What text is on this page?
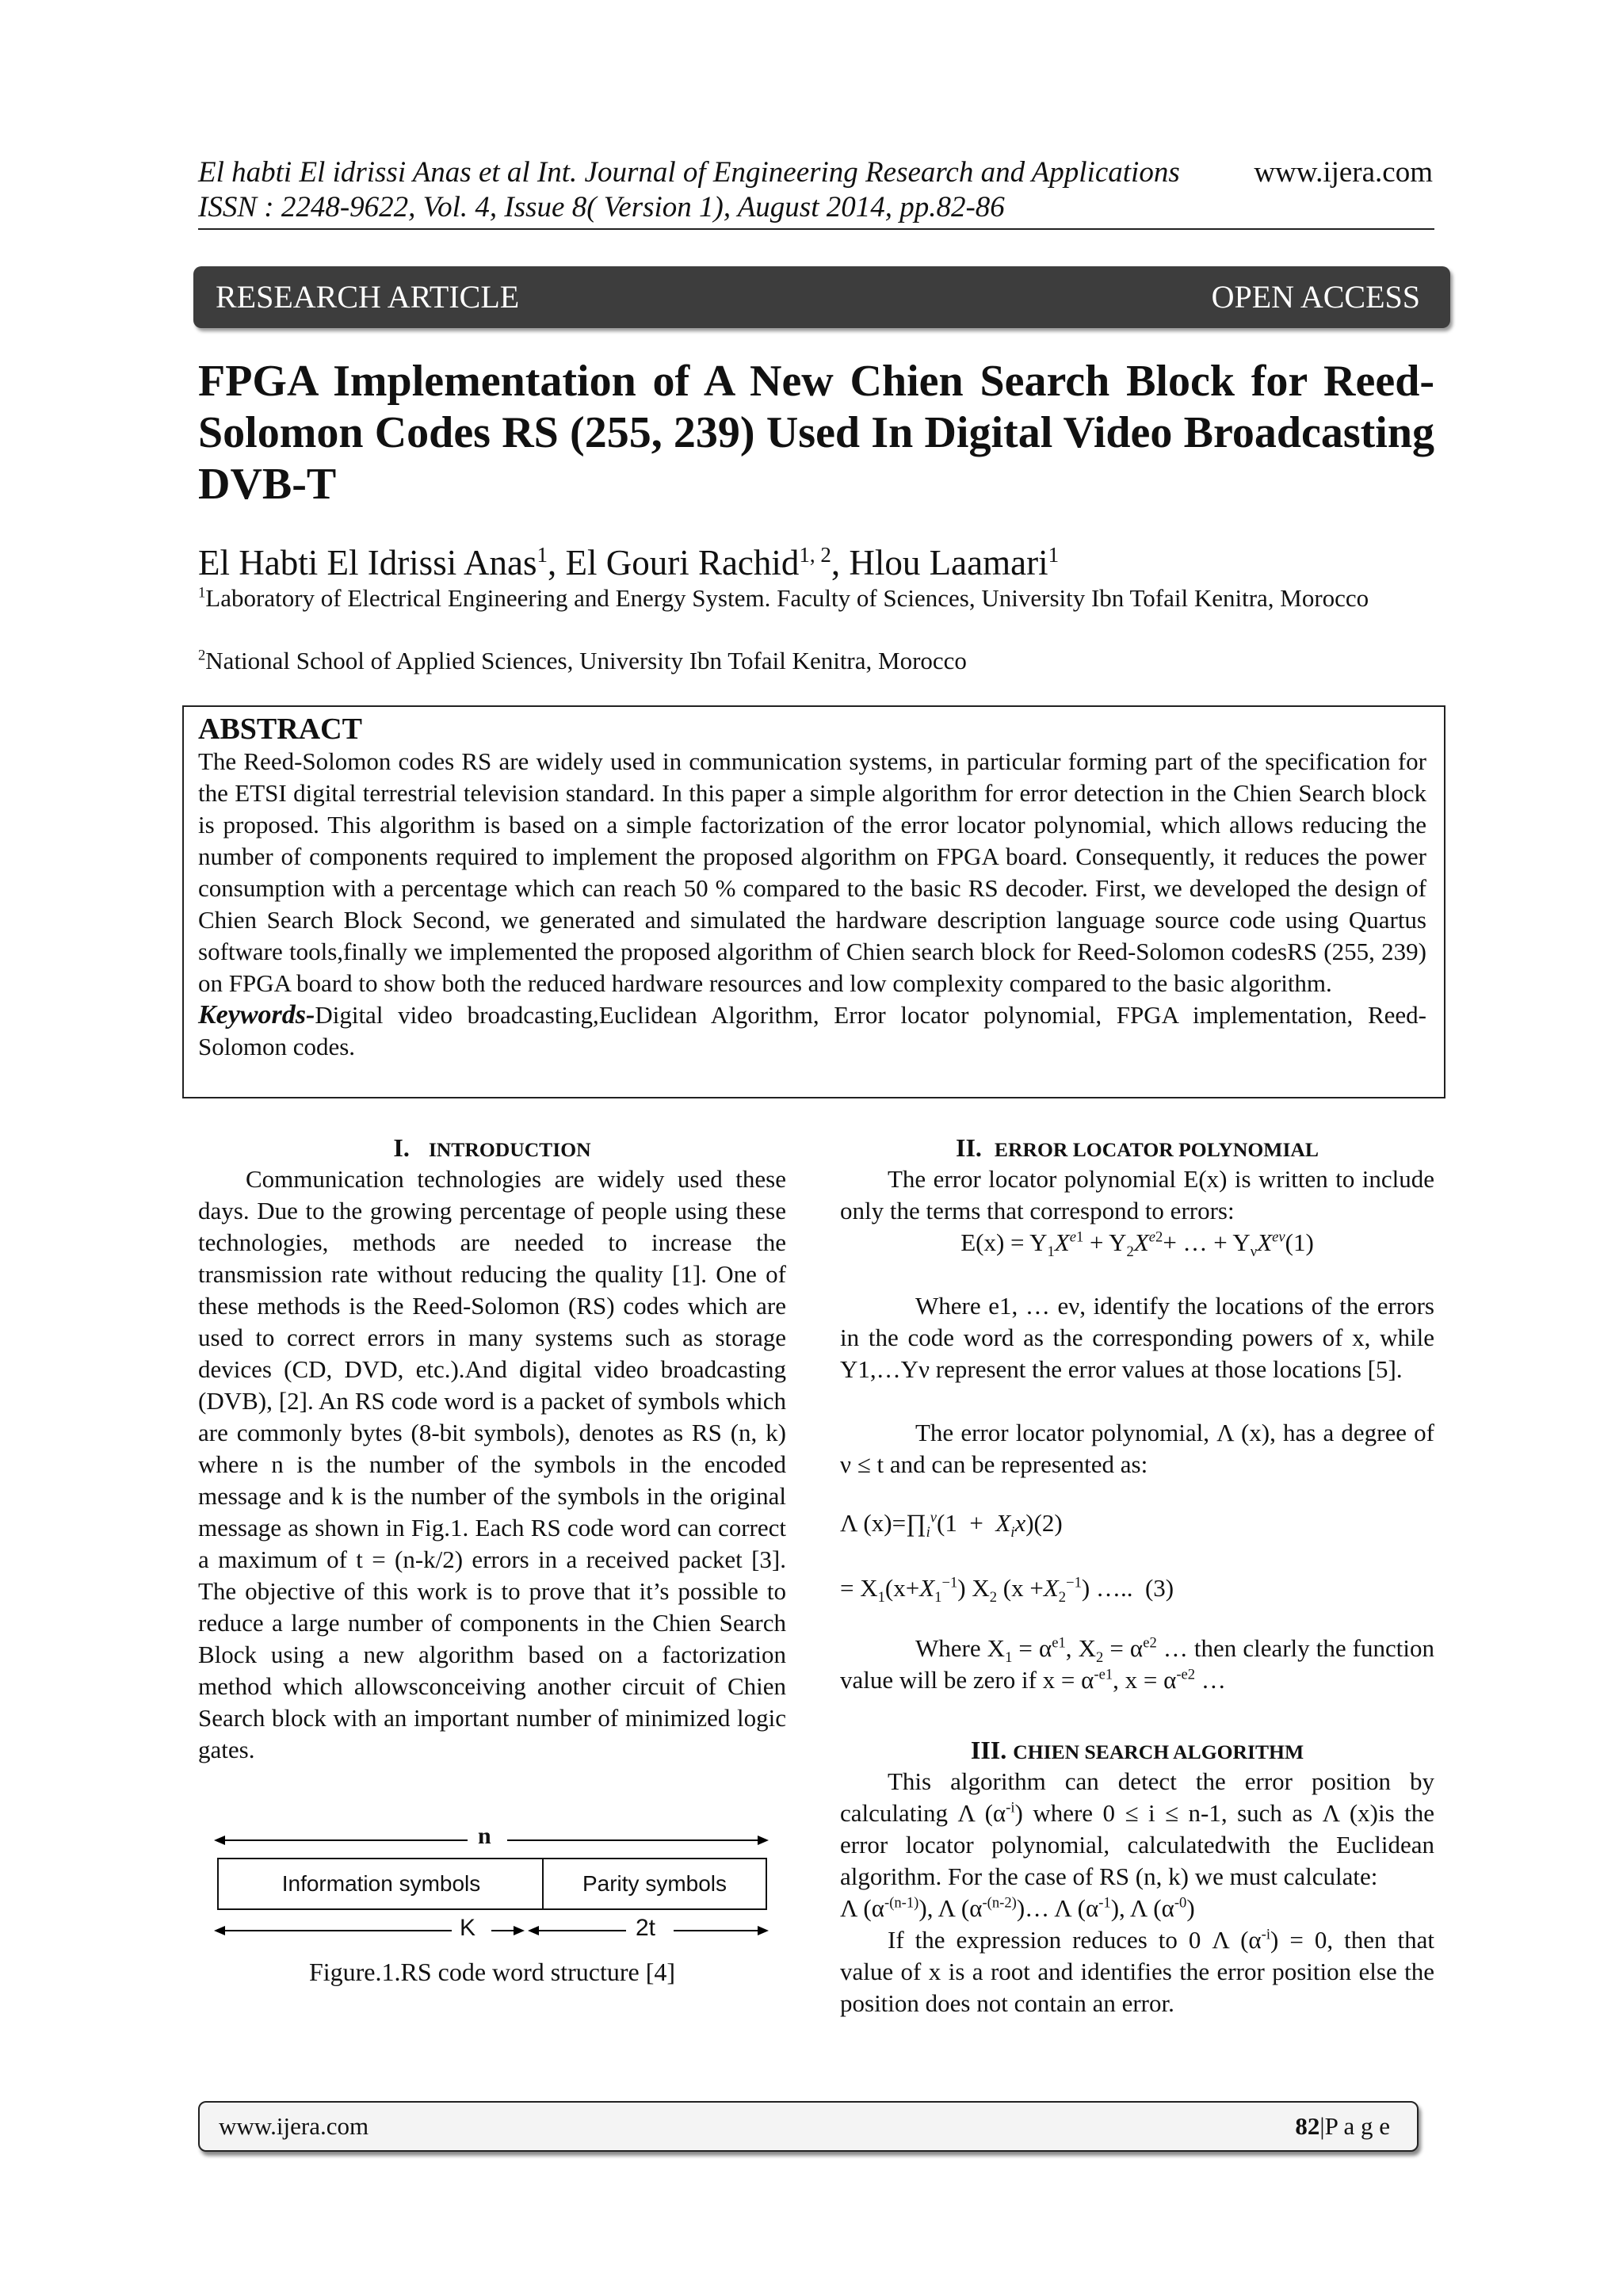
El habti El idrissi Anas et al Int. Journal of Engineering Research and Applications	www.ijera.com
ISSN : 2248-9622, Vol. 4, Issue 8( Version 1), August 2014, pp.82-86
RESEARCH ARTICLE	OPEN ACCESS
FPGA Implementation of A New Chien Search Block for Reed-Solomon Codes RS (255, 239) Used In Digital Video Broadcasting DVB-T
El Habti El Idrissi Anas$^1$, El Gouri Rachid$^{1, 2}$, Hlou Laamari$^1$
$^1$Laboratory of Electrical Engineering and Energy System. Faculty of Sciences, University Ibn Tofail Kenitra, Morocco
$^2$National School of Applied Sciences, University Ibn Tofail Kenitra, Morocco
ABSTRACT

The Reed-Solomon codes RS are widely used in communication systems, in particular forming part of the specification for the ETSI digital terrestrial television standard. In this paper a simple algorithm for error detection in the Chien Search block is proposed. This algorithm is based on a simple factorization of the error locator polynomial, which allows reducing the number of components required to implement the proposed algorithm on FPGA board. Consequently, it reduces the power consumption with a percentage which can reach 50 % compared to the basic RS decoder. First, we developed the design of Chien Search Block Second, we generated and simulated the hardware description language source code using Quartus software tools,finally we implemented the proposed algorithm of Chien search block for Reed-Solomon codesRS (255, 239) on FPGA board to show both the reduced hardware resources and low complexity compared to the basic algorithm.

Keywords-Digital video broadcasting,Euclidean Algorithm, Error locator polynomial, FPGA implementation, Reed-Solomon codes.

I. INTRODUCTION
Communication technologies are widely used these days. Due to the growing percentage of people using these technologies, methods are needed to increase the transmission rate without reducing the quality [1]. One of these methods is the Reed-Solomon (RS) codes which are used to correct errors in many systems such as storage devices (CD, DVD, etc.).And digital video broadcasting (DVB), [2]. An RS code word is a packet of symbols which are commonly bytes (8-bit symbols), denotes as RS (n, k) where n is the number of the symbols in the encoded message and k is the number of the symbols in the original message as shown in Fig.1. Each RS code word can correct a maximum of t = (n-k/2) errors in a received packet [3]. The objective of this work is to prove that it’s possible to reduce a large number of components in the Chien Search Block using a new algorithm based on a factorization method which allowsconceiving another circuit of Chien Search block with an important number of minimized logic gates.
n
Information symbols	Parity symbols
K	2t
Figure.1.RS code word structure [4]
II. ERROR LOCATOR POLYNOMIAL
The error locator polynomial E(x) is written to include only the terms that correspond to errors:
$E(x) = Y_1X^{e1} + Y_2X^{e2}+$ … + $Y_\nu X^{e\nu}(1)$
Where e1, … eν, identify the locations of the errors in the code word as the corresponding powers of x, while Y1,…Yν represent the error values at those locations [5].
The error locator polynomial, Λ (x), has a degree of ν ≤ t and can be represented as:
Λ $(x)=\prod_i^\nu(1 + X_ix)(2)$
= $X_1(x+X_1^{-1})$ $X_2$ $(x +X_2^{-1})$ …..  (3)
Where $X_1 = \alpha^{e1}$, $X_2 = \alpha^{e2}$ … then clearly the function value will be zero if $x = \alpha^{-e1}$, $x = \alpha^{-e2}$ …
III. CHIEN SEARCH ALGORITHM
This algorithm can detect the error position by calculating Λ $(\alpha^{-i})$ where 0 ≤ i ≤ n-1, such as Λ (x)is the error locator polynomial, calculatedwith the Euclidean algorithm. For the case of RS (n, k) we must calculate:
Λ $(\alpha^{-(n-1)})$, Λ $(\alpha^{-(n-2)})\dots$ Λ $(\alpha^{-1})$, Λ $(\alpha^{-0})$
If the expression reduces to 0 Λ $(\alpha^{-i}) = 0$, then that value of x is a root and identifies the error position else the position does not contain an error.
www.ijera.com	82|P a g e
